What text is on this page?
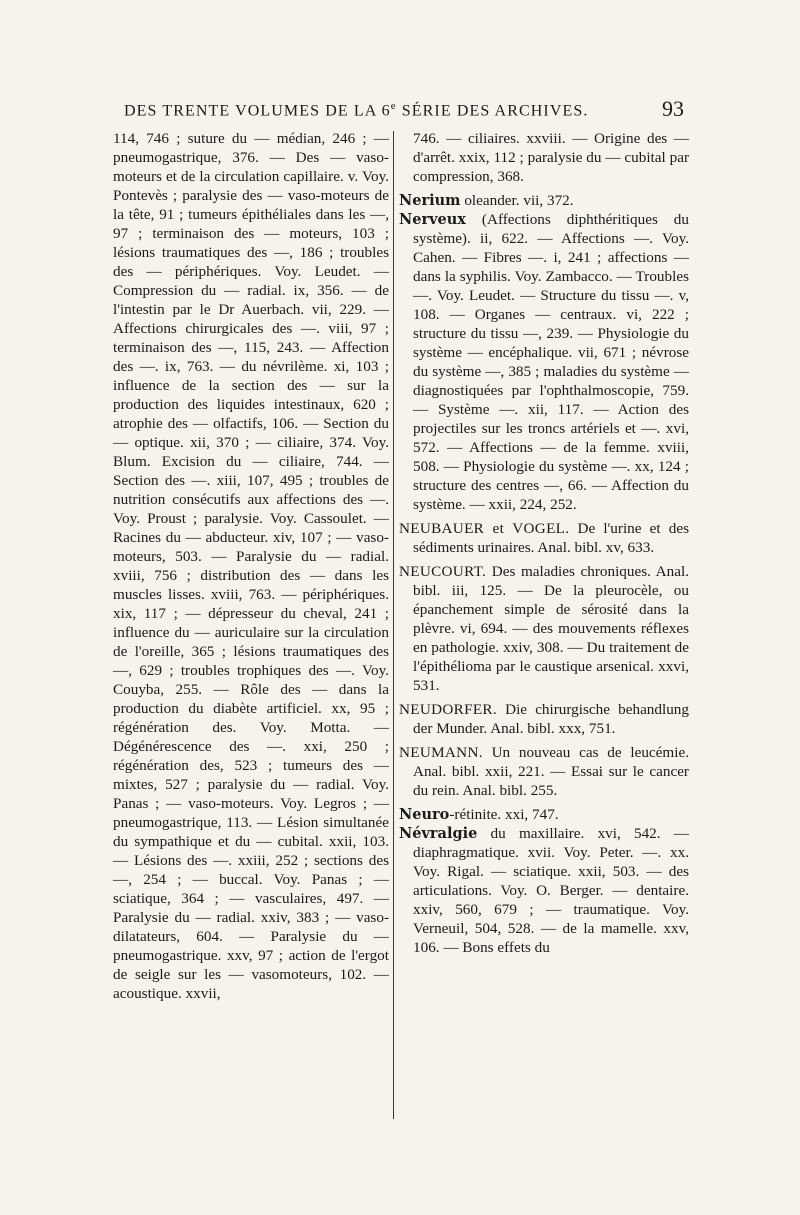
DES TRENTE VOLUMES DE LA 6e SÉRIE DES ARCHIVES.	93

114, 746 ; suture du — médian, 246 ; — pneumogastrique, 376. — Des — vaso-moteurs et de la circulation capillaire. v. Voy. Pontevès ; paralysie des — vaso-moteurs de la tête, 91 ; tumeurs épithéliales dans les —, 97 ; terminaison des — moteurs, 103 ; lésions traumatiques des —, 186 ; troubles des — périphériques. Voy. Leudet. — Compression du — radial. ix, 356. — de l'intestin par le Dr Auerbach. vii, 229. — Affections chirurgicales des —. viii, 97 ; terminaison des —, 115, 243. — Affection des —. ix, 763. — du névrilème. xi, 103 ; influence de la section des — sur la production des liquides intestinaux, 620 ; atrophie des — olfactifs, 106. — Section du — optique. xii, 370 ; — ciliaire, 374. Voy. Blum. Excision du — ciliaire, 744. — Section des —. xiii, 107, 495 ; troubles de nutrition consécutifs aux affections des —. Voy. Proust ; paralysie. Voy. Cassoulet. — Racines du — abducteur. xiv, 107 ; — vaso-moteurs, 503. — Paralysie du — radial. xviii, 756 ; distribution des — dans les muscles lisses. xviii, 763. — périphériques. xix, 117 ; — dépresseur du cheval, 241 ; influence du — auriculaire sur la circulation de l'oreille, 365 ; lésions traumatiques des —, 629 ; troubles trophiques des —. Voy. Couyba, 255. — Rôle des — dans la production du diabète artificiel. xx, 95 ; régénération des. Voy. Motta. — Dégénérescence des —. xxi, 250 ; régénération des, 523 ; tumeurs des — mixtes, 527 ; paralysie du — radial. Voy. Panas ; — vaso-moteurs. Voy. Legros ; — pneumogastrique, 113. — Lésion simultanée du sympathique et du — cubital. xxii, 103. — Lésions des —. xxiii, 252 ; sections des —, 254 ; — buccal. Voy. Panas ; — sciatique, 364 ; — vasculaires, 497. — Paralysie du — radial. xxiv, 383 ; — vaso-dilatateurs, 604. — Paralysie du — pneumogastrique. xxv, 97 ; action de l'ergot de seigle sur les — vasomoteurs, 102. — acoustique. xxvii,

746. — ciliaires. xxviii. — Origine des — d'arrêt. xxix, 112 ; paralysie du — cubital par compression, 368.

Nerium oleander. vii, 372.

Nerveux (Affections diphthéritiques du système). ii, 622. — Affections —. Voy. Cahen. — Fibres —. i, 241 ; affections — dans la syphilis. Voy. Zambacco. — Troubles —. Voy. Leudet. — Structure du tissu —. v, 108. — Organes — centraux. vi, 222 ; structure du tissu —, 239. — Physiologie du système — encéphalique. vii, 671 ; névrose du système —, 385 ; maladies du système — diagnostiquées par l'ophthalmoscopie, 759. — Système —. xii, 117. — Action des projectiles sur les troncs artériels et —. xvi, 572. — Affections — de la femme. xviii, 508. — Physiologie du système —. xx, 124 ; structure des centres —, 66. — Affection du système. — xxii, 224, 252.

NEUBAUER et VOGEL. De l'urine et des sédiments urinaires. Anal. bibl. xv, 633.

NEUCOURT. Des maladies chroniques. Anal. bibl. iii, 125. — De la pleurocèle, ou épanchement simple de sérosité dans la plèvre. vi, 694. — des mouvements réflexes en pathologie. xxiv, 308. — Du traitement de l'épithélioma par le caustique arsenical. xxvi, 531.

NEUDORFER. Die chirurgische behandlung der Munder. Anal. bibl. xxx, 751.

NEUMANN. Un nouveau cas de leucémie. Anal. bibl. xxii, 221. — Essai sur le cancer du rein. Anal. bibl. 255.

Neuro-rétinite. xxi, 747.

Névralgie du maxillaire. xvi, 542. — diaphragmatique. xvii. Voy. Peter. —. xx. Voy. Rigal. — sciatique. xxii, 503. — des articulations. Voy. O. Berger. — dentaire. xxiv, 560, 679 ; — traumatique. Voy. Verneuil, 504, 528. — de la mamelle. xxv, 106. — Bons effets du
